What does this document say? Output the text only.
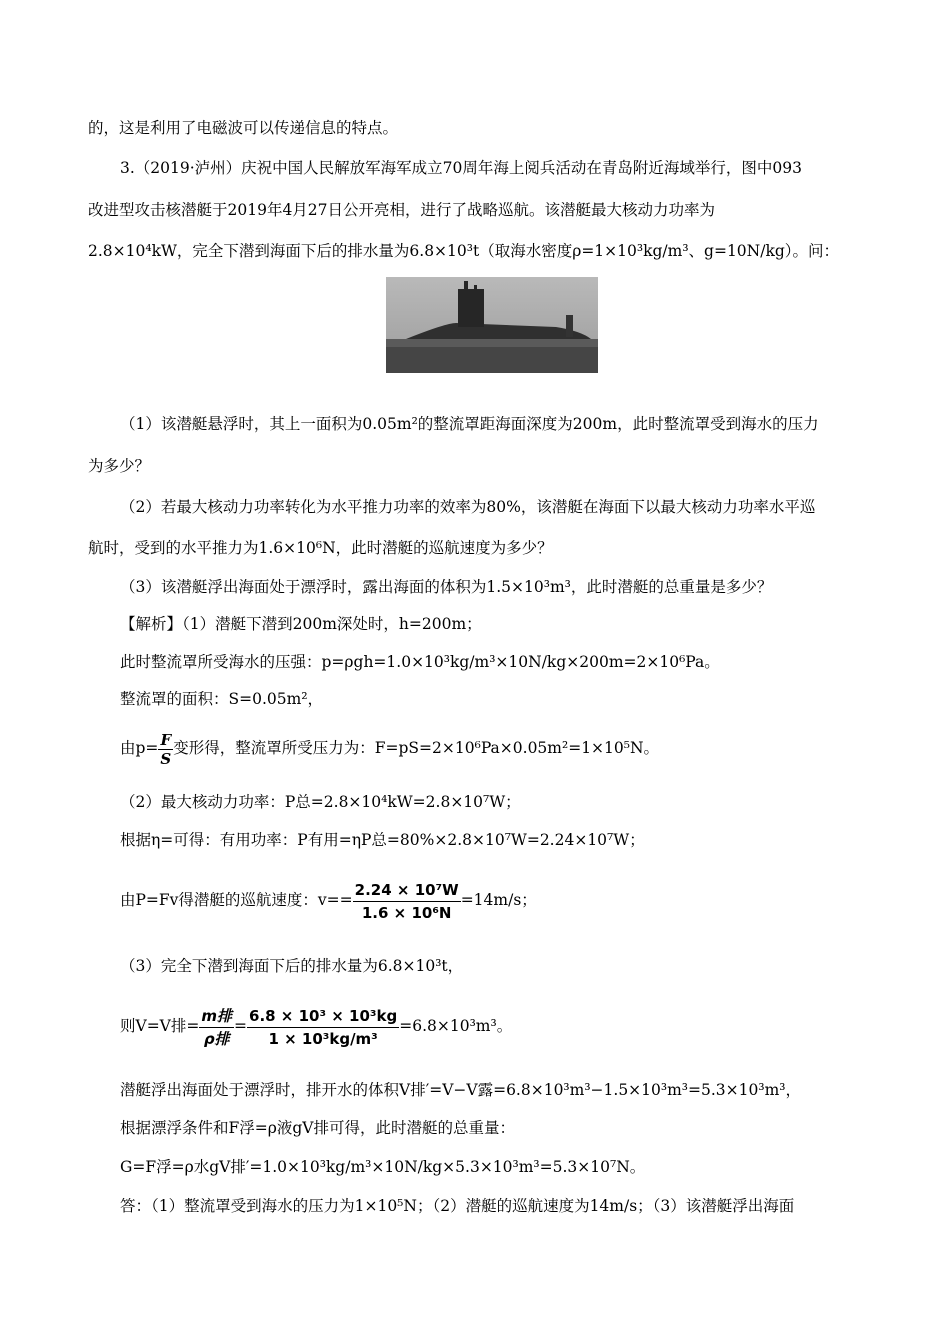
的，这是利用了电磁波可以传递信息的特点。
3.（2019·泸州）庆祝中国人民解放军海军成立70周年海上阅兵活动在青岛附近海域举行，图中093
改进型攻击核潜艇于2019年4月27日公开亮相，进行了战略巡航。该潜艇最大核动力功率为
2.8×10⁴kW，完全下潜到海面下后的排水量为6.8×10³t（取海水密度ρ=1×10³kg/m³、g=10N/kg）。问：
（1）该潜艇悬浮时，其上一面积为0.05m²的整流罩距海面深度为200m，此时整流罩受到海水的压力
为多少？
（2）若最大核动力功率转化为水平推力功率的效率为80%，该潜艇在海面下以最大核动力功率水平巡
航时，受到的水平推力为1.6×10⁶N，此时潜艇的巡航速度为多少？
（3）该潜艇浮出海面处于漂浮时，露出海面的体积为1.5×10³m³，此时潜艇的总重量是多少？
【解析】（1）潜艇下潜到200m深处时，h=200m；
此时整流罩所受海水的压强：p=ρgh=1.0×10³kg/m³×10N/kg×200m=2×10⁶Pa。
整流罩的面积：S=0.05m²，
由$p= \frac{F}{S}$ 变形得，整流罩所受压力为：F=pS=2×10⁶Pa×0.05m²=1×10⁵N。
（2）最大核动力功率：P总=2.8×10⁴kW=2.8×10⁷W；
根据η=可得：有用功率：P有用=ηP总=80%×2.8×10⁷W=2.24×10⁷W；
由P=Fv得潜艇的巡航速度：$v== \frac{\text{2.24 × 10⁷W}}{\text{1.6 × 10⁶N}} =14m/s$；
（3）完全下潜到海面下后的排水量为6.8×10³t，
则V=V排= $\frac{\text{m排}}{\text{ρ排}} = \frac{\text{6.8 × 10³ × 10³kg}}{\text{1 × 10³kg/m³}} =6.8\times 10^3m^3$。
潜艇浮出海面处于漂浮时，排开水的体积V排′=V−V露=6.8×10³m³−1.5×10³m³=5.3×10³m³，
根据漂浮条件和F浮=ρ液gV排可得，此时潜艇的总重量：
G=F浮=ρ水gV排′=1.0×10³kg/m³×10N/kg×5.3×10³m³=5.3×10⁷N。
答：（1）整流罩受到海水的压力为1×10⁵N；（2）潜艇的巡航速度为14m/s；（3）该潜艇浮出海面
